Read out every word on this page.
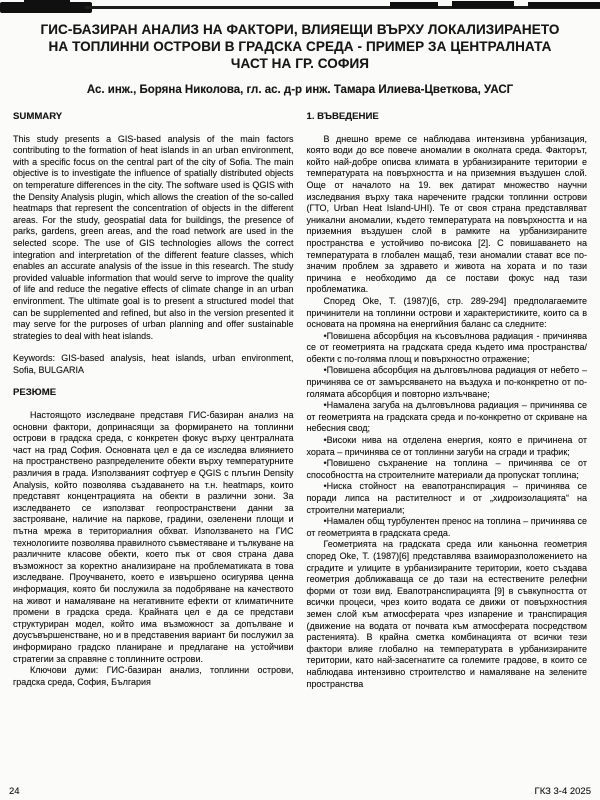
ГИС-БАЗИРАН АНАЛИЗ НА ФАКТОРИ, ВЛИЯЕЩИ ВЪРХУ ЛОКАЛИЗИРАНЕТО НА ТОПЛИННИ ОСТРОВИ В ГРАДСКА СРЕДА - ПРИМЕР ЗА ЦЕНТРАЛНАТА ЧАСТ НА ГР. СОФИЯ
Ас. инж., Боряна Николова, гл. ас. д-р инж. Тамара Илиева-Цветкова, УАСГ
SUMMARY
This study presents a GIS-based analysis of the main factors contributing to the formation of heat islands in an urban environment, with a specific focus on the central part of the city of Sofia. The main objective is to investigate the influence of spatially distributed objects on temperature differences in the city. The software used is QGIS with the Density Analysis plugin, which allows the creation of the so-called heatmaps that represent the concentration of objects in the different areas. For the study, geospatial data for buildings, the presence of parks, gardens, green areas, and the road network are used in the selected scope. The use of GIS technologies allows the correct integration and interpretation of the different feature classes, which enables an accurate analysis of the issue in this research. The study provided valuable information that would serve to improve the quality of life and reduce the negative effects of climate change in an urban environment. The ultimate goal is to present a structured model that can be supplemented and refined, but also in the version presented it may serve for the purposes of urban planning and offer sustainable strategies to deal with heat islands.
Keywords: GIS-based analysis, heat islands, urban environment, Sofia, BULGARIA
РЕЗЮМЕ
Настоящото изследване представя ГИС-базиран анализ на основни фактори, допринасящи за формирането на топлинни острови в градска среда, с конкретен фокус върху централната част на град София. Основната цел е да се изследва влиянието на пространствено разпределените обекти върху температурните различия в града. Използваният софтуер е QGIS с плъгин Density Analysis, който позволява създаването на т.н. heatmaps, които представят концентрацията на обекти в различни зони. За изследването се използват геопространствени данни за застрояване, наличие на паркове, градини, озеленени площи и пътна мрежа в териториалния обхват. Използването на ГИС технологиите позволява правилното съвместяване и тълкуване на различните класове обекти, което пък от своя страна дава възможност за коректно анализиране на проблематиката в това изследване. Проучването, което е извършено осигурява ценна информация, която би послужила за подобряване на качеството на живот и намаляване на негативните ефекти от климатичните промени в градска среда. Крайната цел е да се представи структуриран модел, който има възможност за допълване и доусъвършенстване, но и в представения вариант би послужил за информирано градско планиране и предлагане на устойчиви стратегии за справяне с топлинните острови.
Ключови думи: ГИС-базиран анализ, топлинни острови, градска среда, София, България
1. ВЪВЕДЕНИЕ
В днешно време се наблюдава интензивна урбанизация, която води до все повече аномалии в околната среда. Факторът, който най-добре описва климата в урбанизираните територии е температурата на повърхността и на приземния въздушен слой. Още от началото на 19. век датират множество научни изследвания върху така наречените градски топлинни острови (ГТО, Urban Heat Island-UHI). Те от своя страна представляват уникални аномалии, където температурата на повърхността и на приземния въздушен слой в рамките на урбанизираните пространства е устойчиво по-висока [2]. С повишаването на температурата в глобален мащаб, тези аномалии стават все по-значим проблем за здравето и живота на хората и по тази причина е необходимо да се постави фокус над тази проблематика.
Според Oke, Т. (1987)[6, стр. 289-294] предполагаемите причинители на топлинни острови и характеристиките, които са в основата на промяна на енергийния баланс са следните:
•Повишена абсорбция на късовълнова радиация - причинява се от геометрията на градската среда където има пространства/обекти с по-голяма площ и повърхностно отражение;
•Повишена абсорбция на дълговълнова радиация от небето – причинява се от замърсяването на въздуха и по-конкретно от по-голямата абсорбция и повторно излъчване;
•Намалена загуба на дълговълнова радиация – причинява се от геометрията на градската среда и по-конкретно от скриване на небесния свод;
•Високи нива на отделена енергия, която е причинена от хората – причинява се от топлинни загуби на сгради и трафик;
•Повишено съхранение на топлина – причинява се от способността на строителните материали да пропускат топлина;
•Ниска стойност на евапотранспирация – причинява се поради липса на растителност и от „хидроизолацията“ на строителни материали;
•Намален общ турбулентен пренос на топлина – причинява се от геометрията в градската среда.
Геометрията на градската среда или каньонна геометрия според Oke, Т. (1987)[6] представлява взаиморазположението на сградите и улиците в урбанизираните територии, което създава геометрия доближаваща се до тази на естествените релефни форми от този вид. Евапотранспирацията [9] в съвкупността от всички процеси, чрез които водата се движи от повърхностния земен слой към атмосферата чрез изпарение и транспирация (движение на водата от почвата към атмосферата посредством растенията). В крайна сметка комбинацията от всички тези фактори влияе глобално на температурата в урбанизираните територии, като най-засегнатите са големите градове, в които се наблюдава интензивно строителство и намаляване на зелените пространства
24	ГКЗ 3-4 2025
